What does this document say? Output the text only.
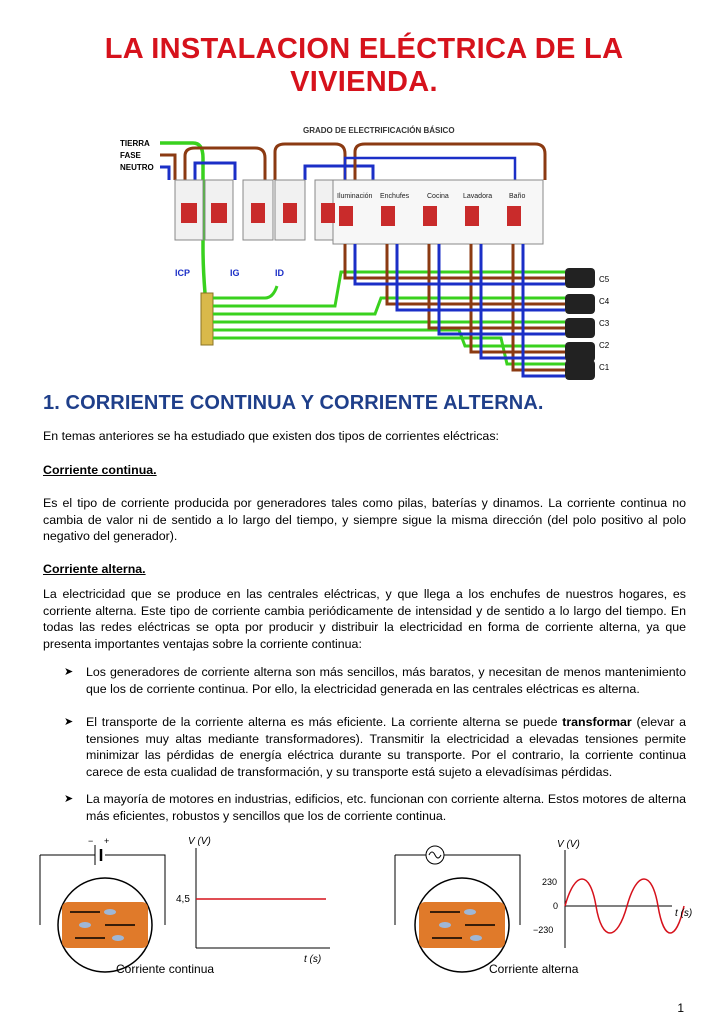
LA INSTALACION ELÉCTRICA DE LA
VIVIENDA.
GRADO DE ELECTRIFICACIÓN BÁSICO
TIERRA
FASE
NEUTRO
Iluminación Enchufes	Cocina Lavadora Baño
ICP	IG	ID
C5
C4
C3
C2
C1
1. CORRIENTE CONTINUA Y CORRIENTE ALTERNA.
En temas anteriores se ha estudiado que existen dos tipos de corrientes eléctricas:
Corriente continua.
Es el tipo de corriente producida por generadores tales como pilas, baterías y dinamos. La corriente continua no cambia de valor ni de sentido a lo largo del tiempo, y siempre sigue la misma dirección (del polo positivo al polo negativo del generador).
Corriente alterna.
La electricidad que se produce en las centrales eléctricas, y que llega a los enchufes de nuestros hogares, es corriente alterna. Este tipo de corriente cambia periódicamente de intensidad y de sentido a lo largo del tiempo. En todas las redes eléctricas se opta por producir y distribuir la electricidad en forma de corriente alterna, ya que presenta importantes ventajas sobre la corriente continua:
➤ Los generadores de corriente alterna son más sencillos, más baratos, y necesitan de menos mantenimiento que los de corriente continua. Por ello, la electricidad generada en las centrales eléctricas es alterna.
➤ El transporte de la corriente alterna es más eficiente. La corriente alterna se puede transformar (elevar a tensiones muy altas mediante transformadores). Transmitir la electricidad a elevadas tensiones permite minimizar las pérdidas de energía eléctrica durante su transporte. Por el contrario, la corriente continua carece de esta cualidad de transformación, y su transporte está sujeto a elevadísimas pérdidas.
➤ La mayoría de motores en industrias, edificios, etc. funcionan con corriente alterna. Estos motores de alterna más eficientes, robustos y sencillos que los de corriente continua.
− +	V (V)
4,5
t (s)
V (V)
230
0
−230
t (s)
Corriente continua	Corriente alterna
1
